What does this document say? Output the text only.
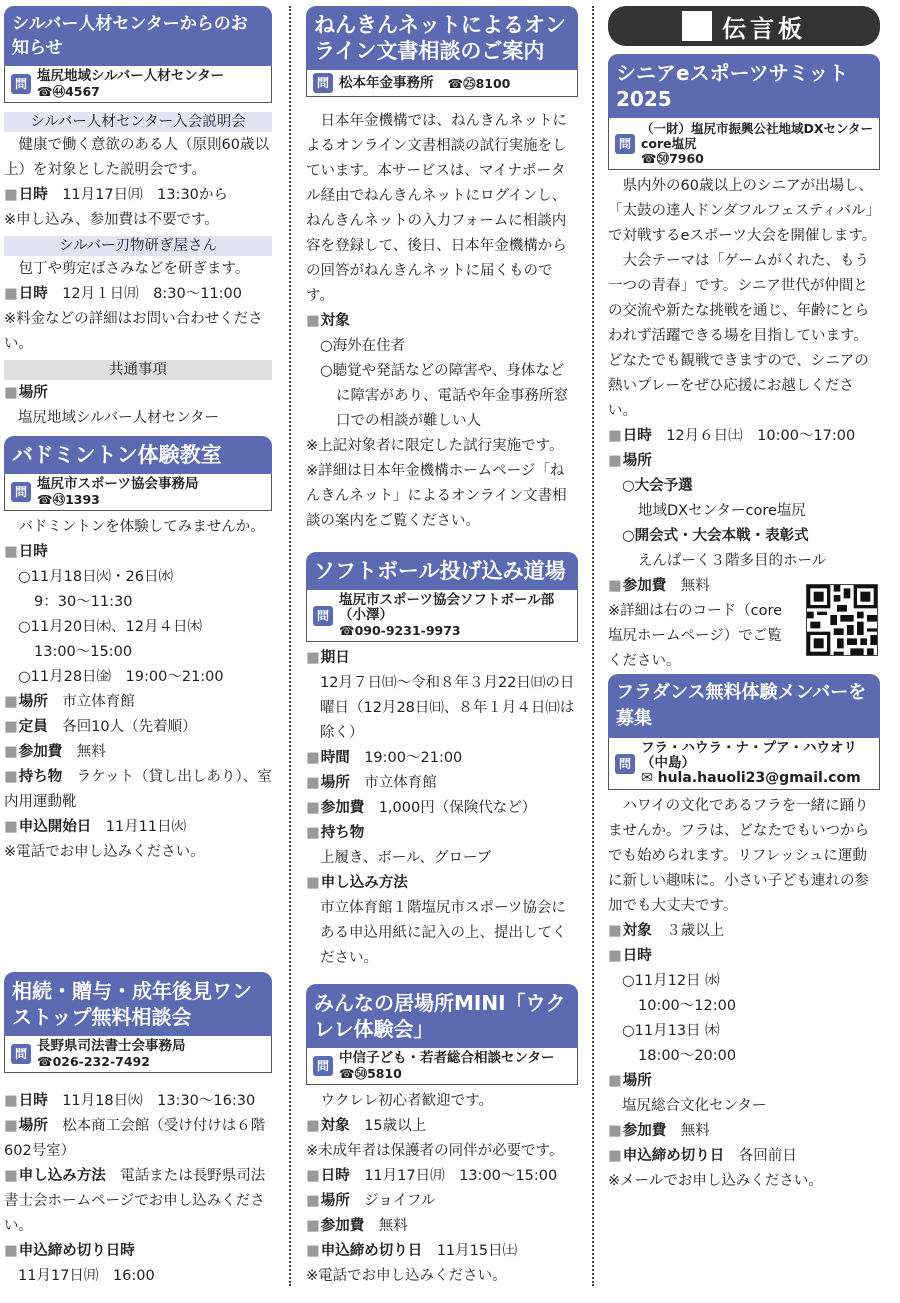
シルバー人材センターからのお知らせ
問 塩尻地域シルバー人材センター
☎㊹4567
シルバー人材センター入会説明会
健康で働く意欲のある人（原則60歳以上）を対象とした説明会です。
■ 日時　 11月17日㈪　13:30から
※申し込み、参加費は不要です。
シルバー刃物研ぎ屋さん
包丁や剪定ばさみなどを研ぎます。
■ 日時　 12月１日㈪　8:30〜11:00
※料金などの詳細はお問い合わせください。
共通事項
■ 場所
塩尻地域シルバー人材センター
バドミントン体験教室
問 塩尻市スポーツ協会事務局
☎㊸1393
バドミントンを体験してみませんか。
■ 日時
○11月18日㈫・26日㈬
9：30〜11:30
○11月20日㈭、12月４日㈭
13:00〜15:00
○11月28日㈮　19:00〜21:00
■ 場所　 市立体育館
■ 定員　 各回10人（先着順）
■ 参加費　 無料
■ 持ち物　 ラケット（貸し出しあり）、室内用運動靴
■ 申込開始日　 11月11日㈫
※電話でお申し込みください。
相続・贈与・成年後見ワンストップ無料相談会
問 長野県司法書士会事務局
☎026-232-7492
■ 日時　 11月18日㈫　13:30〜16:30
■ 場所　 松本商工会館（受け付けは６階602号室）
■ 申し込み方法　 電話または長野県司法書士会ホームページでお申し込みください。
■ 申込締め切り日時
11月17日㈪　16:00
ねんきんネットによるオンライン文書相談のご案内
問 松本年金事務所 ☎㉕8100
日本年金機構では、ねんきんネットによるオンライン文書相談の試行実施をしています。本サービスは、マイナポータル経由でねんきんネットにログインし、ねんきんネットの入力フォームに相談内容を登録して、後日、日本年金機構からの回答がねんきんネットに届くものです。
■ 対象
○海外在住者
○聴覚や発話などの障害や、身体などに障害があり、電話や年金事務所窓口での相談が難しい人
※上記対象者に限定した試行実施です。
※詳細は日本年金機構ホームページ「ねんきんネット」によるオンライン文書相談の案内をご覧ください。
ソフトボール投げ込み道場
問
塩尻市スポーツ協会ソフトボール部（小澤）
☎090-9231-9973
■ 期日
12月７日㈰〜令和８年３月22日㈰の日曜日（12月28日㈰、８年１月４日㈰は除く）
■ 時間　 19:00〜21:00
■ 場所　 市立体育館
■ 参加費　 1,000円（保険代など）
■ 持ち物
上履き、ボール、グローブ
■ 申し込み方法
市立体育館１階塩尻市スポーツ協会にある申込用紙に記入の上、提出してください。
みんなの居場所MINI「ウクレレ体験会」
問 中信子ども・若者総合相談センター
☎㊿5810
ウクレレ初心者歓迎です。
■ 対象　 15歳以上
※未成年者は保護者の同伴が必要です。
■ 日時　 11月17日㈪　13:00〜15:00
■ 場所　 ジョイフル
■ 参加費　 無料
■ 申込締め切り日　 11月15日㈯
※電話でお申し込みください。
伝言板
シニアeスポーツサミット2025
問
（一財）塩尻市振興公社地域DXセンターcore塩尻
☎㊿7960
県内外の60歳以上のシニアが出場し、「太鼓の達人ドンダフルフェスティバル」で対戦するeスポーツ大会を開催します。
大会テーマは「ゲームがくれた、もう一つの青春」です。シニア世代が仲間との交流や新たな挑戦を通じ、年齢にとらわれず活躍できる場を目指しています。どなたでも観戦できますので、シニアの熱いプレーをぜひ応援にお越しください。
■ 日時　 12月６日㈯　10:00〜17:00
■ 場所
○大会予選
地域DXセンターcore塩尻
○開会式・大会本戦・表彰式
えんぱーく３階多目的ホール
■ 参加費　 無料
※詳細は右のコード（core塩尻ホームページ）でご覧ください。
フラダンス無料体験メンバーを募集
問
フラ・ハウラ・ナ・プア・ハウオリ（中島）
✉ hula.hauoli23@gmail.com
ハワイの文化であるフラを一緒に踊りませんか。フラは、どなたでもいつからでも始められます。リフレッシュに運動に新しい趣味に。小さい子ども連れの参加でも大丈夫です。
■ 対象　 ３歳以上
■ 日時
○11月12日 ㈬
10:00〜12:00
○11月13日 ㈭
18:00〜20:00
■ 場所
塩尻総合文化センター
■ 参加費　 無料
■ 申込締め切り日　 各回前日
※メールでお申し込みください。
